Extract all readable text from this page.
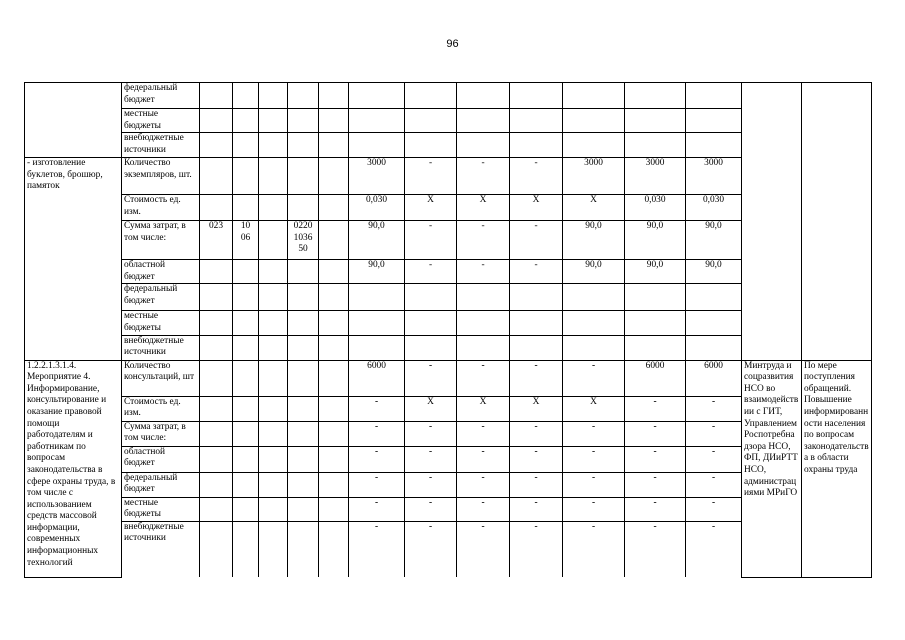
96
	федеральный бюджет														
	местные бюджеты														
	внебюджетные источники														
- изготовление буклетов, брошюр, памяток	Количество экземпляров, шт.						3000	-	-	-	3000	3000	3000		
	Стоимость ед. изм.						0,030	Х	Х	Х	Х	0,030	0,030		
	Сумма затрат, в том числе:	023	10 06		0220 1036 50		90,0	-	-	-	90,0	90,0	90,0		
	областной бюджет						90,0	-	-	-	90,0	90,0	90,0		
	федеральный бюджет														
	местные бюджеты														
	внебюджетные источники														
1.2.2.1.3.1.4. Мероприятие 4. Информирование, консультирование и оказание правовой помощи работодателям и работникам по вопросам законодательства в сфере охраны труда, в том числе с использованием средств массовой информации, современных информационных технологий	Количество консультаций, шт						6000	-	-	-	-	6000	6000	Минтруда и соцразвития НСО во взаимодействии с ГИТ, Управлением Роспотребнадзора НСО, ФП, ДИиРТТ НСО, администрациями МРиГО	По мере поступления обращений. Повышение информированности населения по вопросам законодательства в области охраны труда
	Стоимость ед. изм.						-	Х	Х	Х	Х	-	-		
	Сумма затрат, в том числе:						-	-	-	-	-	-	-		
	областной бюджет						-	-	-	-	-	-	-		
	федеральный бюджет						-	-	-	-	-	-	-		
	местные бюджеты						-	-	-	-	-	-	-		
	внебюджетные источники						-	-	-	-	-	-	-		
